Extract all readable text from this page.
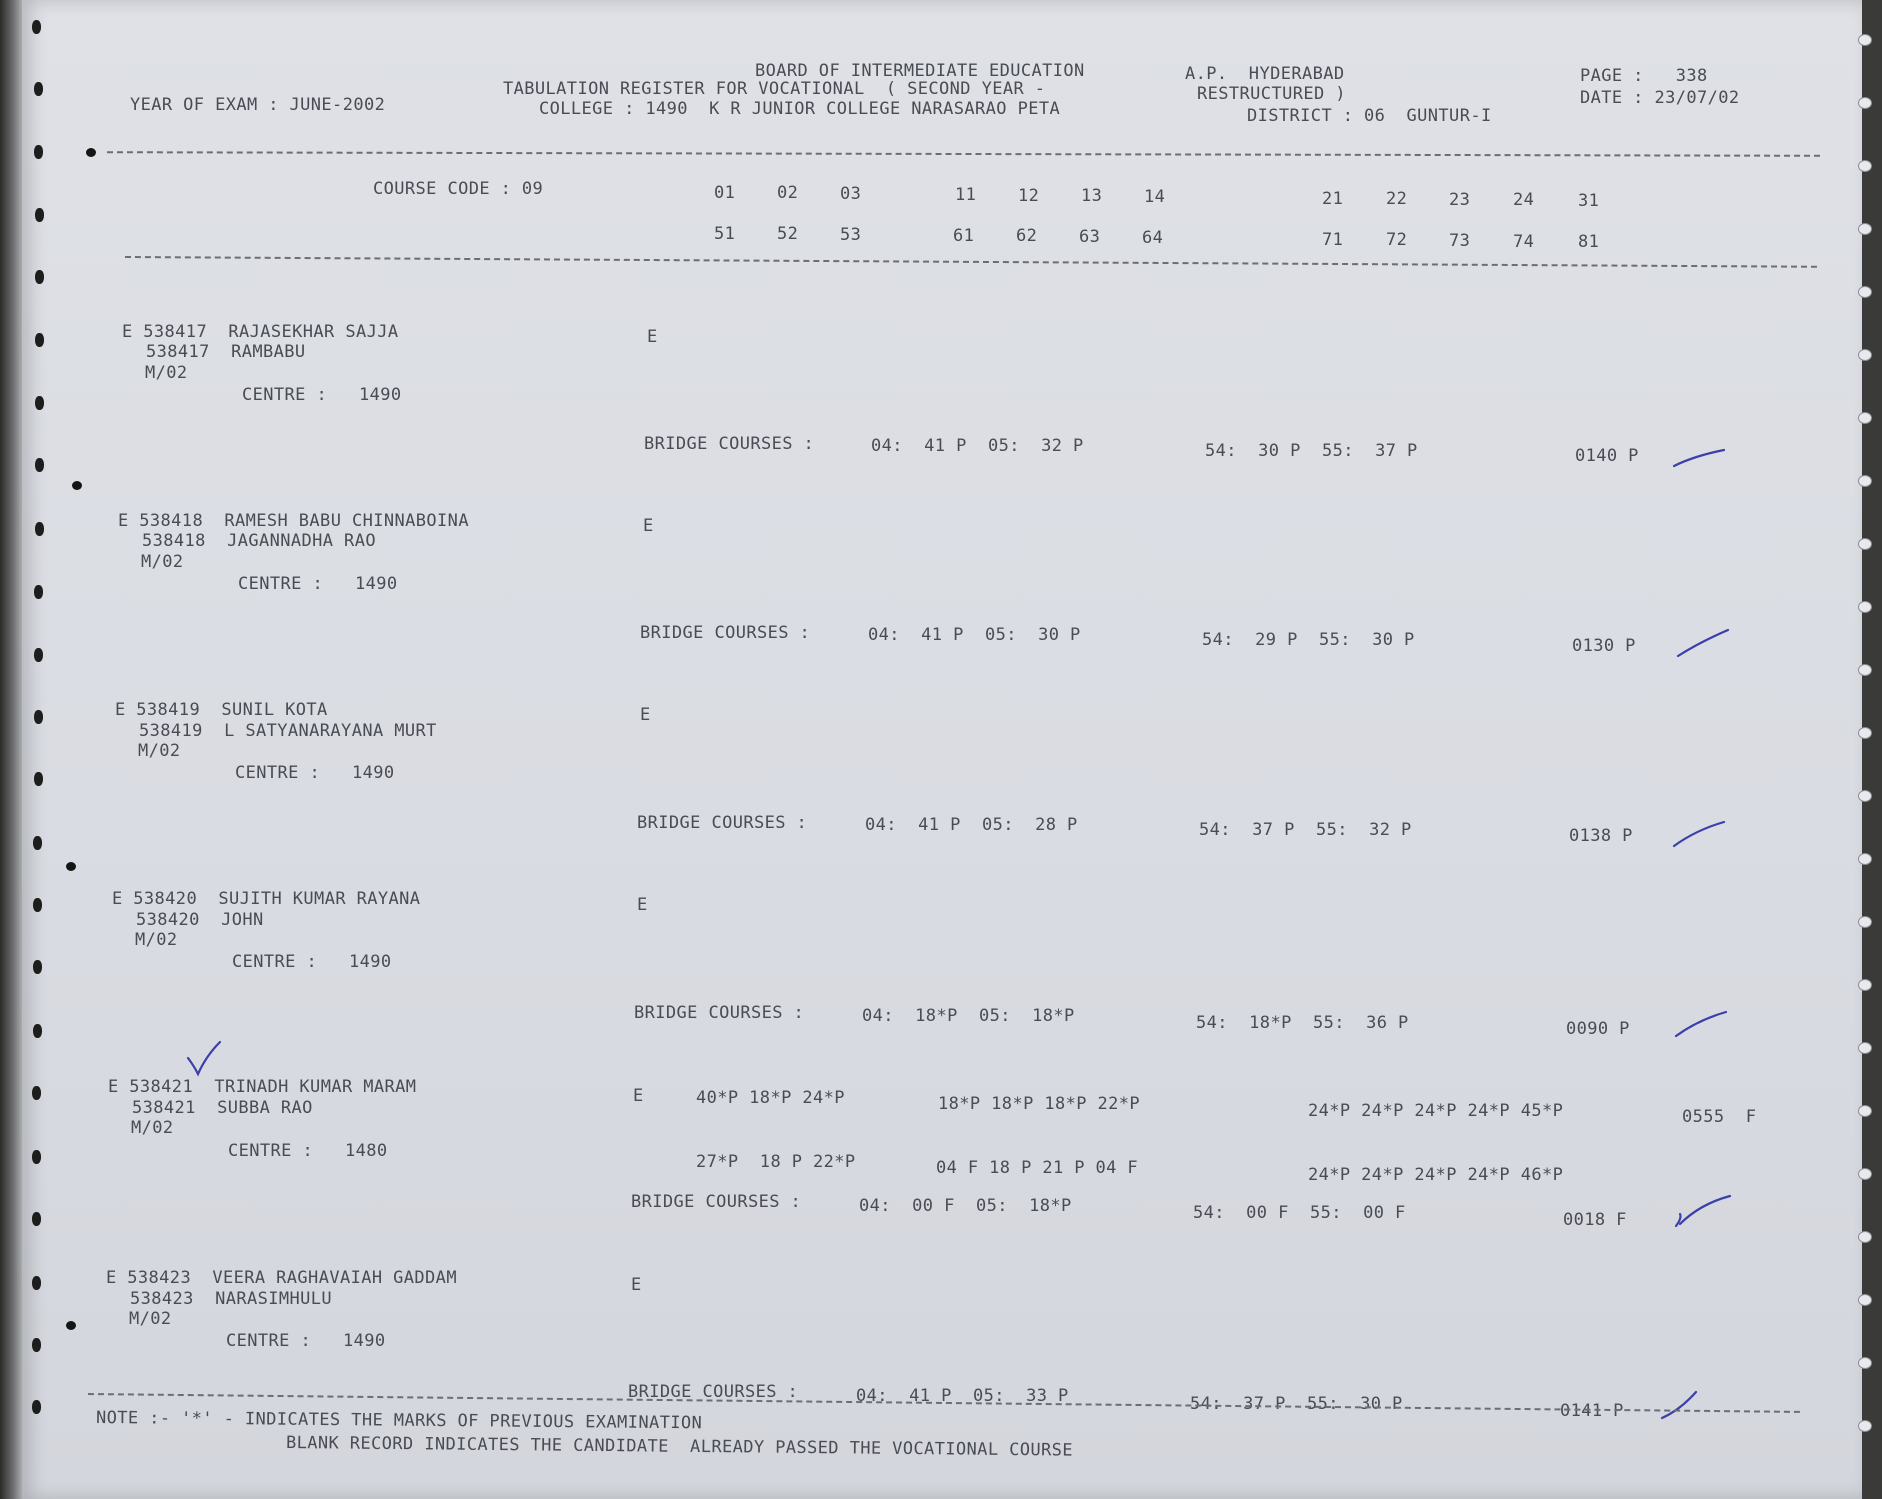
YEAR OF EXAM : JUNE-2002
BOARD OF INTERMEDIATE EDUCATION	A.P.  HYDERABAD
TABULATION REGISTER FOR VOCATIONAL  ( SECOND YEAR -	RESTRUCTURED )
COLLEGE : 1490  K R JUNIOR COLLEGE NARASARAO PETA	DISTRICT : 06  GUNTUR-I
PAGE :   338
DATE : 23/07/02
COURSE CODE : 09	01 02 03	11 12 13 14	21	22 23	24	31
51 52 53	61 62 63 64	71	72 73	74	81
E 538417  RAJASEKHAR SAJJA
538417  RAMBABU
M/02
CENTRE :   1490
E
BRIDGE COURSES :	04:  41 P  05:  32 P	54:  30 P  55:  37 P	0140 P
E 538418  RAMESH BABU CHINNABOINA
538418  JAGANNADHA RAO
M/02
CENTRE :   1490
E
BRIDGE COURSES :	04:  41 P  05:  30 P	54:  29 P  55:  30 P	0130 P
E 538419  SUNIL KOTA
538419  L SATYANARAYANA MURT
M/02
CENTRE :   1490
E
BRIDGE COURSES :	04:  41 P  05:  28 P	54:  37 P  55:  32 P	0138 P
E 538420  SUJITH KUMAR RAYANA
538420  JOHN
M/02
CENTRE :   1490
E
BRIDGE COURSES :	04:  18*P  05:  18*P	54:  18*P  55:  36 P	0090 P
E 538421  TRINADH KUMAR MARAM
538421  SUBBA RAO
M/02
CENTRE :   1480
E	40*P 18*P 24*P	18*P 18*P 18*P 22*P	24*P 24*P 24*P 24*P 45*P	0555  F
27*P  18 P 22*P	04 F 18 P 21 P 04 F	24*P 24*P 24*P 24*P 46*P
BRIDGE COURSES :	04:  00 F  05:  18*P	54:  00 F  55:  00 F	0018 F
E 538423  VEERA RAGHAVAIAH GADDAM
538423  NARASIMHULU
M/02
CENTRE :   1490
E
BRIDGE COURSES :	04:  41 P  05:  33 P	54:  37 P  55:  30 P	0141 P
NOTE :- '*' - INDICATES THE MARKS OF PREVIOUS EXAMINATION
BLANK RECORD INDICATES THE CANDIDATE  ALREADY PASSED THE VOCATIONAL COURSE
